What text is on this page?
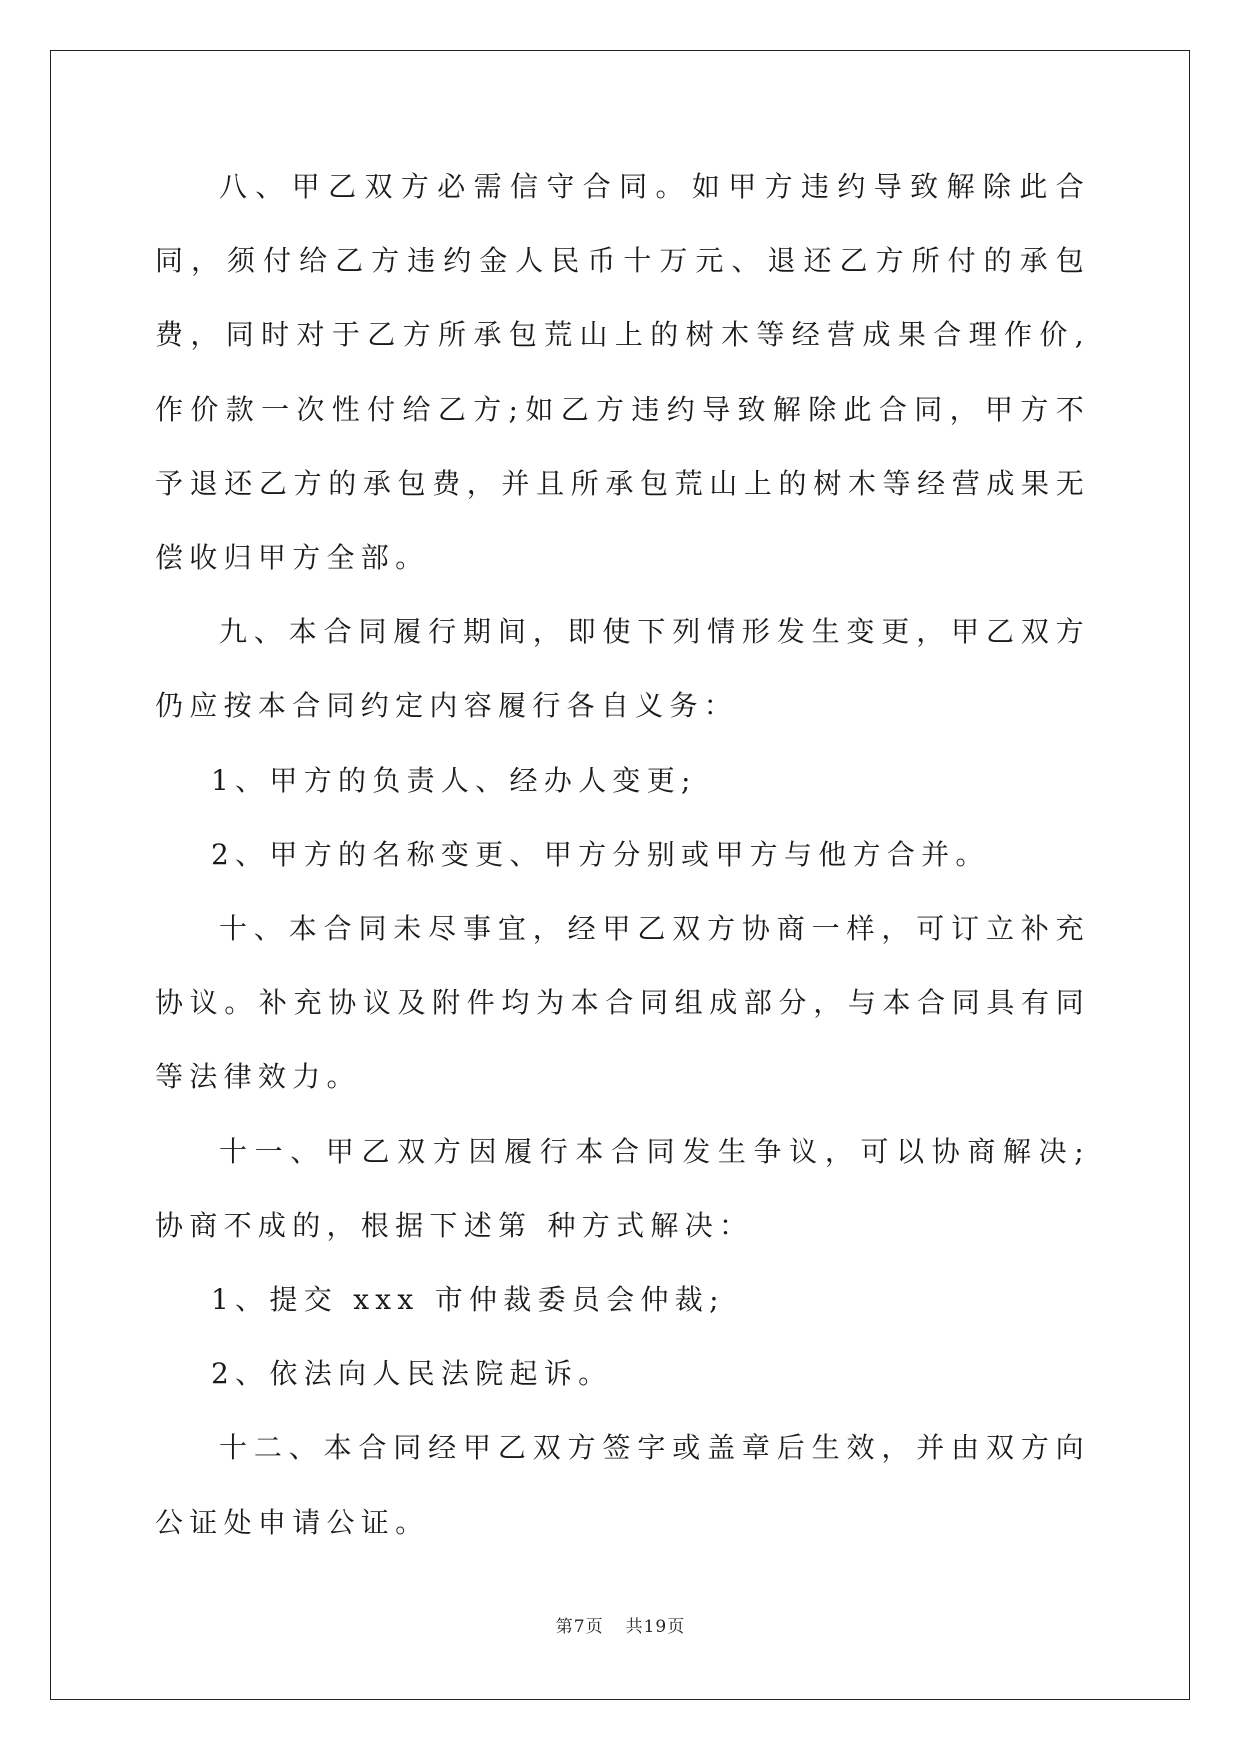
八、甲乙双方必需信守合同。如甲方违约导致解除此合同，须付给乙方违约金人民币十万元、退还乙方所付的承包费，同时对于乙方所承包荒山上的树木等经营成果合理作价,作价款一次性付给乙方;如乙方违约导致解除此合同，甲方不予退还乙方的承包费，并且所承包荒山上的树木等经营成果无偿收归甲方全部。

九、本合同履行期间，即使下列情形发生变更，甲乙双方仍应按本合同约定内容履行各自义务：

1、甲方的负责人、经办人变更;

2、甲方的名称变更、甲方分别或甲方与他方合并。

十、本合同未尽事宜，经甲乙双方协商一样，可订立补充协议。补充协议及附件均为本合同组成部分，与本合同具有同等法律效力。

十一、甲乙双方因履行本合同发生争议，可以协商解决;协商不成的，根据下述第 种方式解决：

1、提交 xxx 市仲裁委员会仲裁;

2、依法向人民法院起诉。

十二、本合同经甲乙双方签字或盖章后生效，并由双方向公证处申请公证。

第7页 共19页
